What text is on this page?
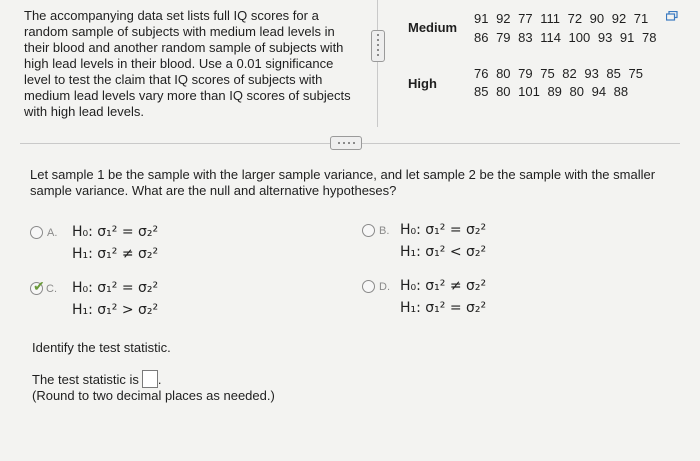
The accompanying data set lists full IQ scores for a random sample of subjects with medium lead levels in their blood and another random sample of subjects with high lead levels in their blood. Use a 0.01 significance level to test the claim that IQ scores of subjects with medium lead levels vary more than IQ scores of subjects with high lead levels.
Medium
91 92 77 111 72 90 92 71
86 79 83 114 100 93 91 78
High
76 80 79 75 82 93 85 75
85 80 101 89 80 94 88
Let sample 1 be the sample with the larger sample variance, and let sample 2 be the sample with the smaller sample variance. What are the null and alternative hypotheses?
A. H₀: σ₁² = σ₂²
H₁: σ₁² ≠ σ₂²
B. H₀: σ₁² = σ₂²
H₁: σ₁² < σ₂²
✔ C. H₀: σ₁² = σ₂²
H₁: σ₁² > σ₂²
D. H₀: σ₁² ≠ σ₂²
H₁: σ₁² = σ₂²
Identify the test statistic.
The test statistic is .
(Round to two decimal places as needed.)
